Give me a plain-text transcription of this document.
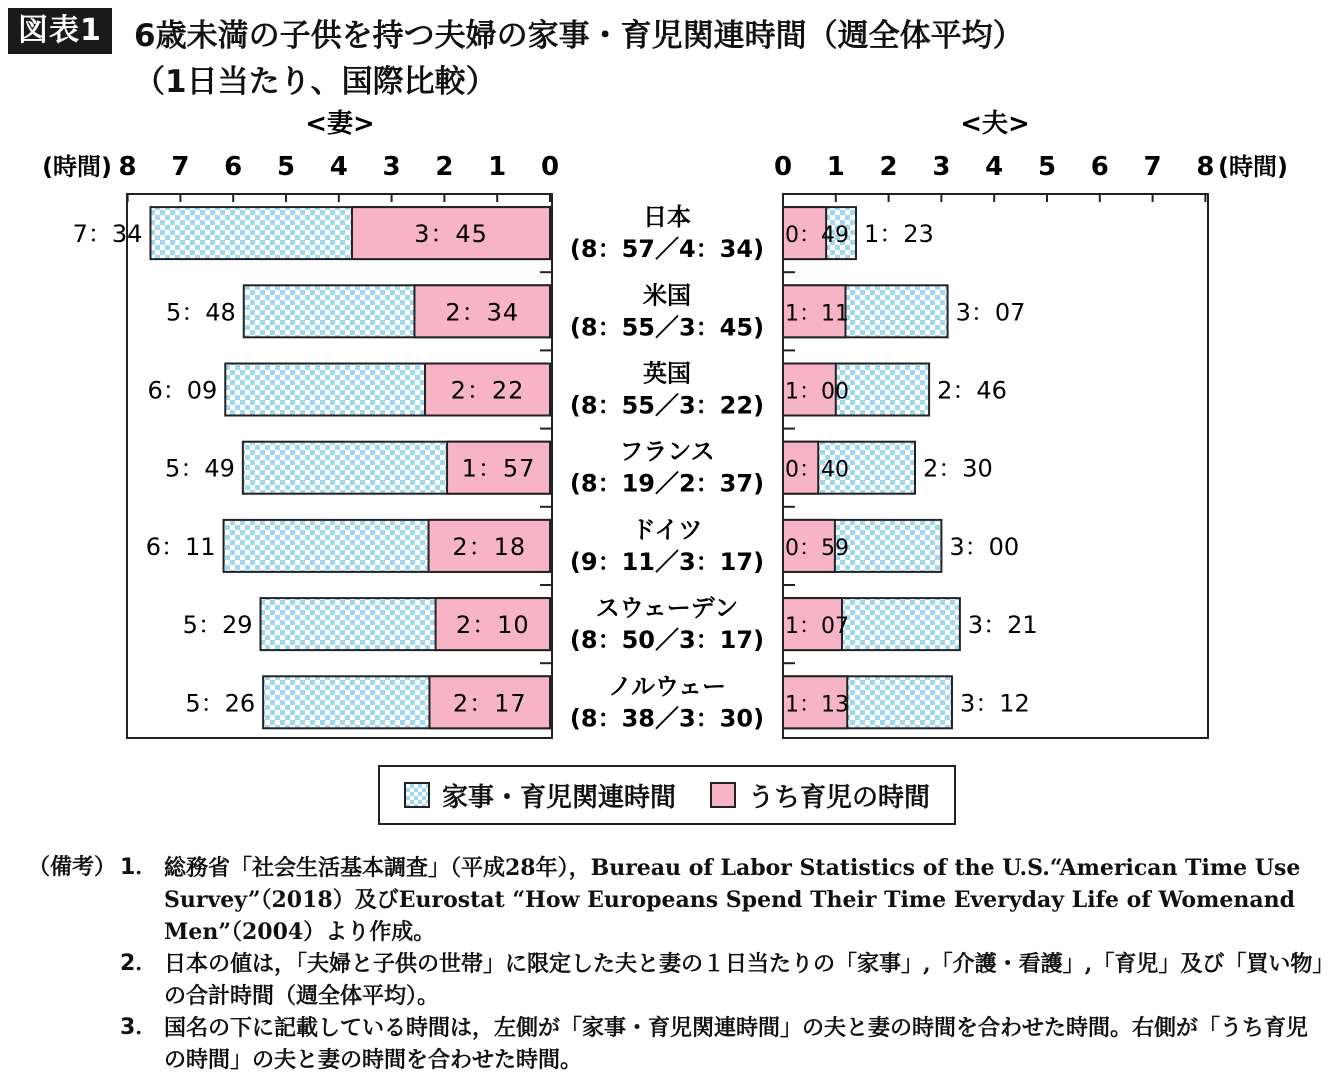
図表1	6歳未満の子供を持つ夫婦の家事・育児関連時間（週全体平均）
（1日当たり、国際比較）
<妻>	<夫>
(時間)	(時間)
0	0
1	1
2	2
3	3
4	4
5	5
6	6
7	7
8	8
7：34	3：45	0：49 1：23
日本
(8：57／4：34)
5：48	2：34	1：11	3：07
米国
(8：55／3：45)
6：09	2：22	1：00	2：46
英国
(8：55／3：22)
5：49	1：57	0：40	2：30
フランス
(8：19／2：37)
6：11	2：18	0：59	3：00
ドイツ
(9：11／3：17)
5：29	2：10	1：07	3：21
スウェーデン
(8：50／3：17)
5：26	2：17	1：13	3：12
ノルウェー
(8：38／3：30)
家事・育児関連時間	うち育児の時間
（備考） 1． 総務省「社会生活基本調査」（平成28年），Bureau of Labor Statistics of the U.S.“American Time Use Survey”（2018）及びEurostat “How Europeans Spend Their Time Everyday Life of Womenand Men”（2004）より作成。
2． 日本の値は，「夫婦と子供の世帯」に限定した夫と妻の１日当たりの「家事」,「介護・看護」,「育児」及び「買い物」の合計時間（週全体平均）。
3． 国名の下に記載している時間は，左側が「家事・育児関連時間」の夫と妻の時間を合わせた時間。右側が「うち育児の時間」の夫と妻の時間を合わせた時間。
